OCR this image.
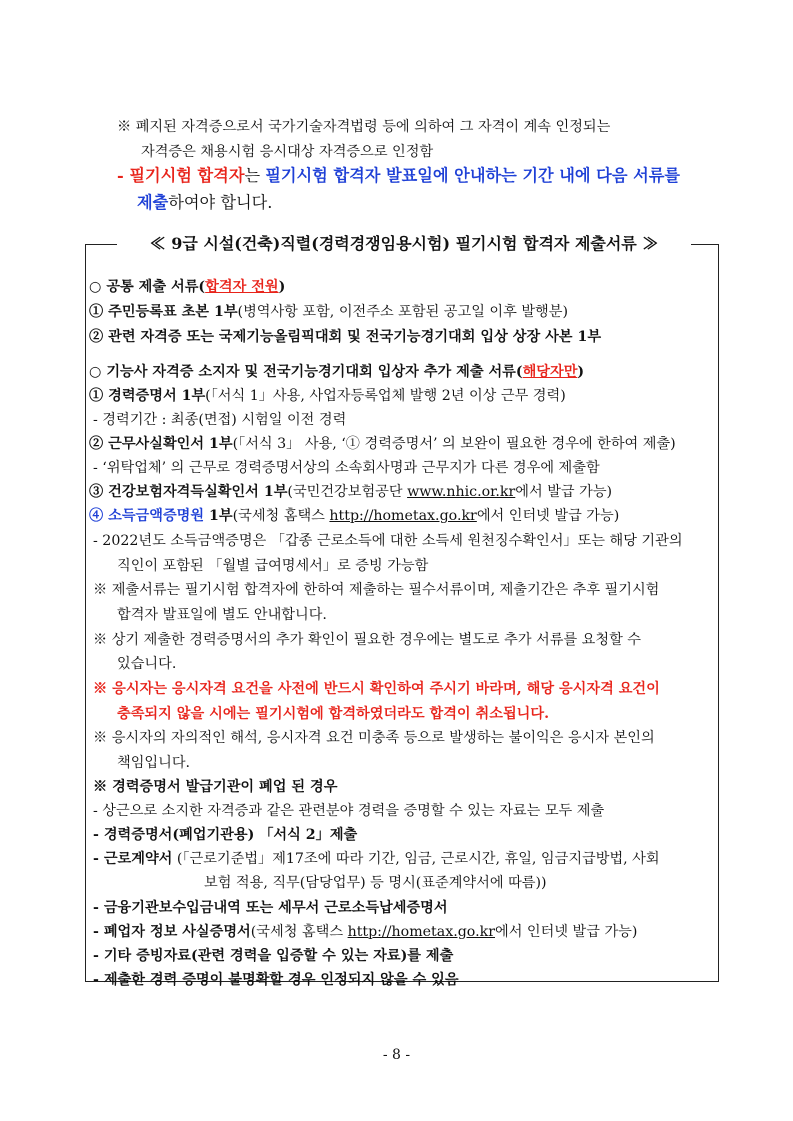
※ 폐지된 자격증으로서 국가기술자격법령 등에 의하여 그 자격이 계속 인정되는
자격증은 채용시험 응시대상 자격증으로 인정함
- 필기시험 합격자는 필기시험 합격자 발표일에 안내하는 기간 내에 다음 서류를
제출하여야 합니다.
≪ 9급 시설(건축)직렬(경력경쟁임용시험) 필기시험 합격자 제출서류 ≫
○ 공통 제출 서류(합격자 전원)
① 주민등록표 초본 1부(병역사항 포함, 이전주소 포함된 공고일 이후 발행분)
② 관련 자격증 또는 국제기능올림픽대회 및 전국기능경기대회 입상 상장 사본 1부
○ 기능사 자격증 소지자 및 전국기능경기대회 입상자 추가 제출 서류(해당자만)
① 경력증명서 1부(「서식 1」사용, 사업자등록업체 발행 2년 이상 근무 경력)
- 경력기간 : 최종(면접) 시험일 이전 경력
② 근무사실확인서 1부(「서식 3」 사용, ‘① 경력증명서’ 의 보완이 필요한 경우에 한하여 제출)
- ‘위탁업체’ 의 근무로 경력증명서상의 소속회사명과 근무지가 다른 경우에 제출함
③ 건강보험자격득실확인서 1부(국민건강보험공단 www.nhic.or.kr에서 발급 가능)
④ 소득금액증명원 1부(국세청 홈택스 http://hometax.go.kr에서 인터넷 발급 가능)
- 2022년도 소득금액증명은 「갑종 근로소득에 대한 소득세 원천징수확인서」또는 해당 기관의
직인이 포함된 「월별 급여명세서」로 증빙 가능함
※ 제출서류는 필기시험 합격자에 한하여 제출하는 필수서류이며, 제출기간은 추후 필기시험
합격자 발표일에 별도 안내합니다.
※ 상기 제출한 경력증명서의 추가 확인이 필요한 경우에는 별도로 추가 서류를 요청할 수
있습니다.
※ 응시자는 응시자격 요건을 사전에 반드시 확인하여 주시기 바라며, 해당 응시자격 요건이
충족되지 않을 시에는 필기시험에 합격하였더라도 합격이 취소됩니다.
※ 응시자의 자의적인 해석, 응시자격 요건 미충족 등으로 발생하는 불이익은 응시자 본인의
책임입니다.
※ 경력증명서 발급기관이 폐업 된 경우
- 상근으로 소지한 자격증과 같은 관련분야 경력을 증명할 수 있는 자료는 모두 제출
- 경력증명서(폐업기관용) 「서식 2」제출
- 근로계약서 (「근로기준법」제17조에 따라 기간, 임금, 근로시간, 휴일, 임금지급방법, 사회
보험 적용, 직무(담당업무) 등 명시(표준계약서에 따름))
- 금융기관보수입금내역 또는 세무서 근로소득납세증명서
- 폐업자 정보 사실증명서(국세청 홈택스 http://hometax.go.kr에서 인터넷 발급 가능)
- 기타 증빙자료(관련 경력을 입증할 수 있는 자료)를 제출
- 제출한 경력 증명이 불명확할 경우 인정되지 않을 수 있음
- 8 -
